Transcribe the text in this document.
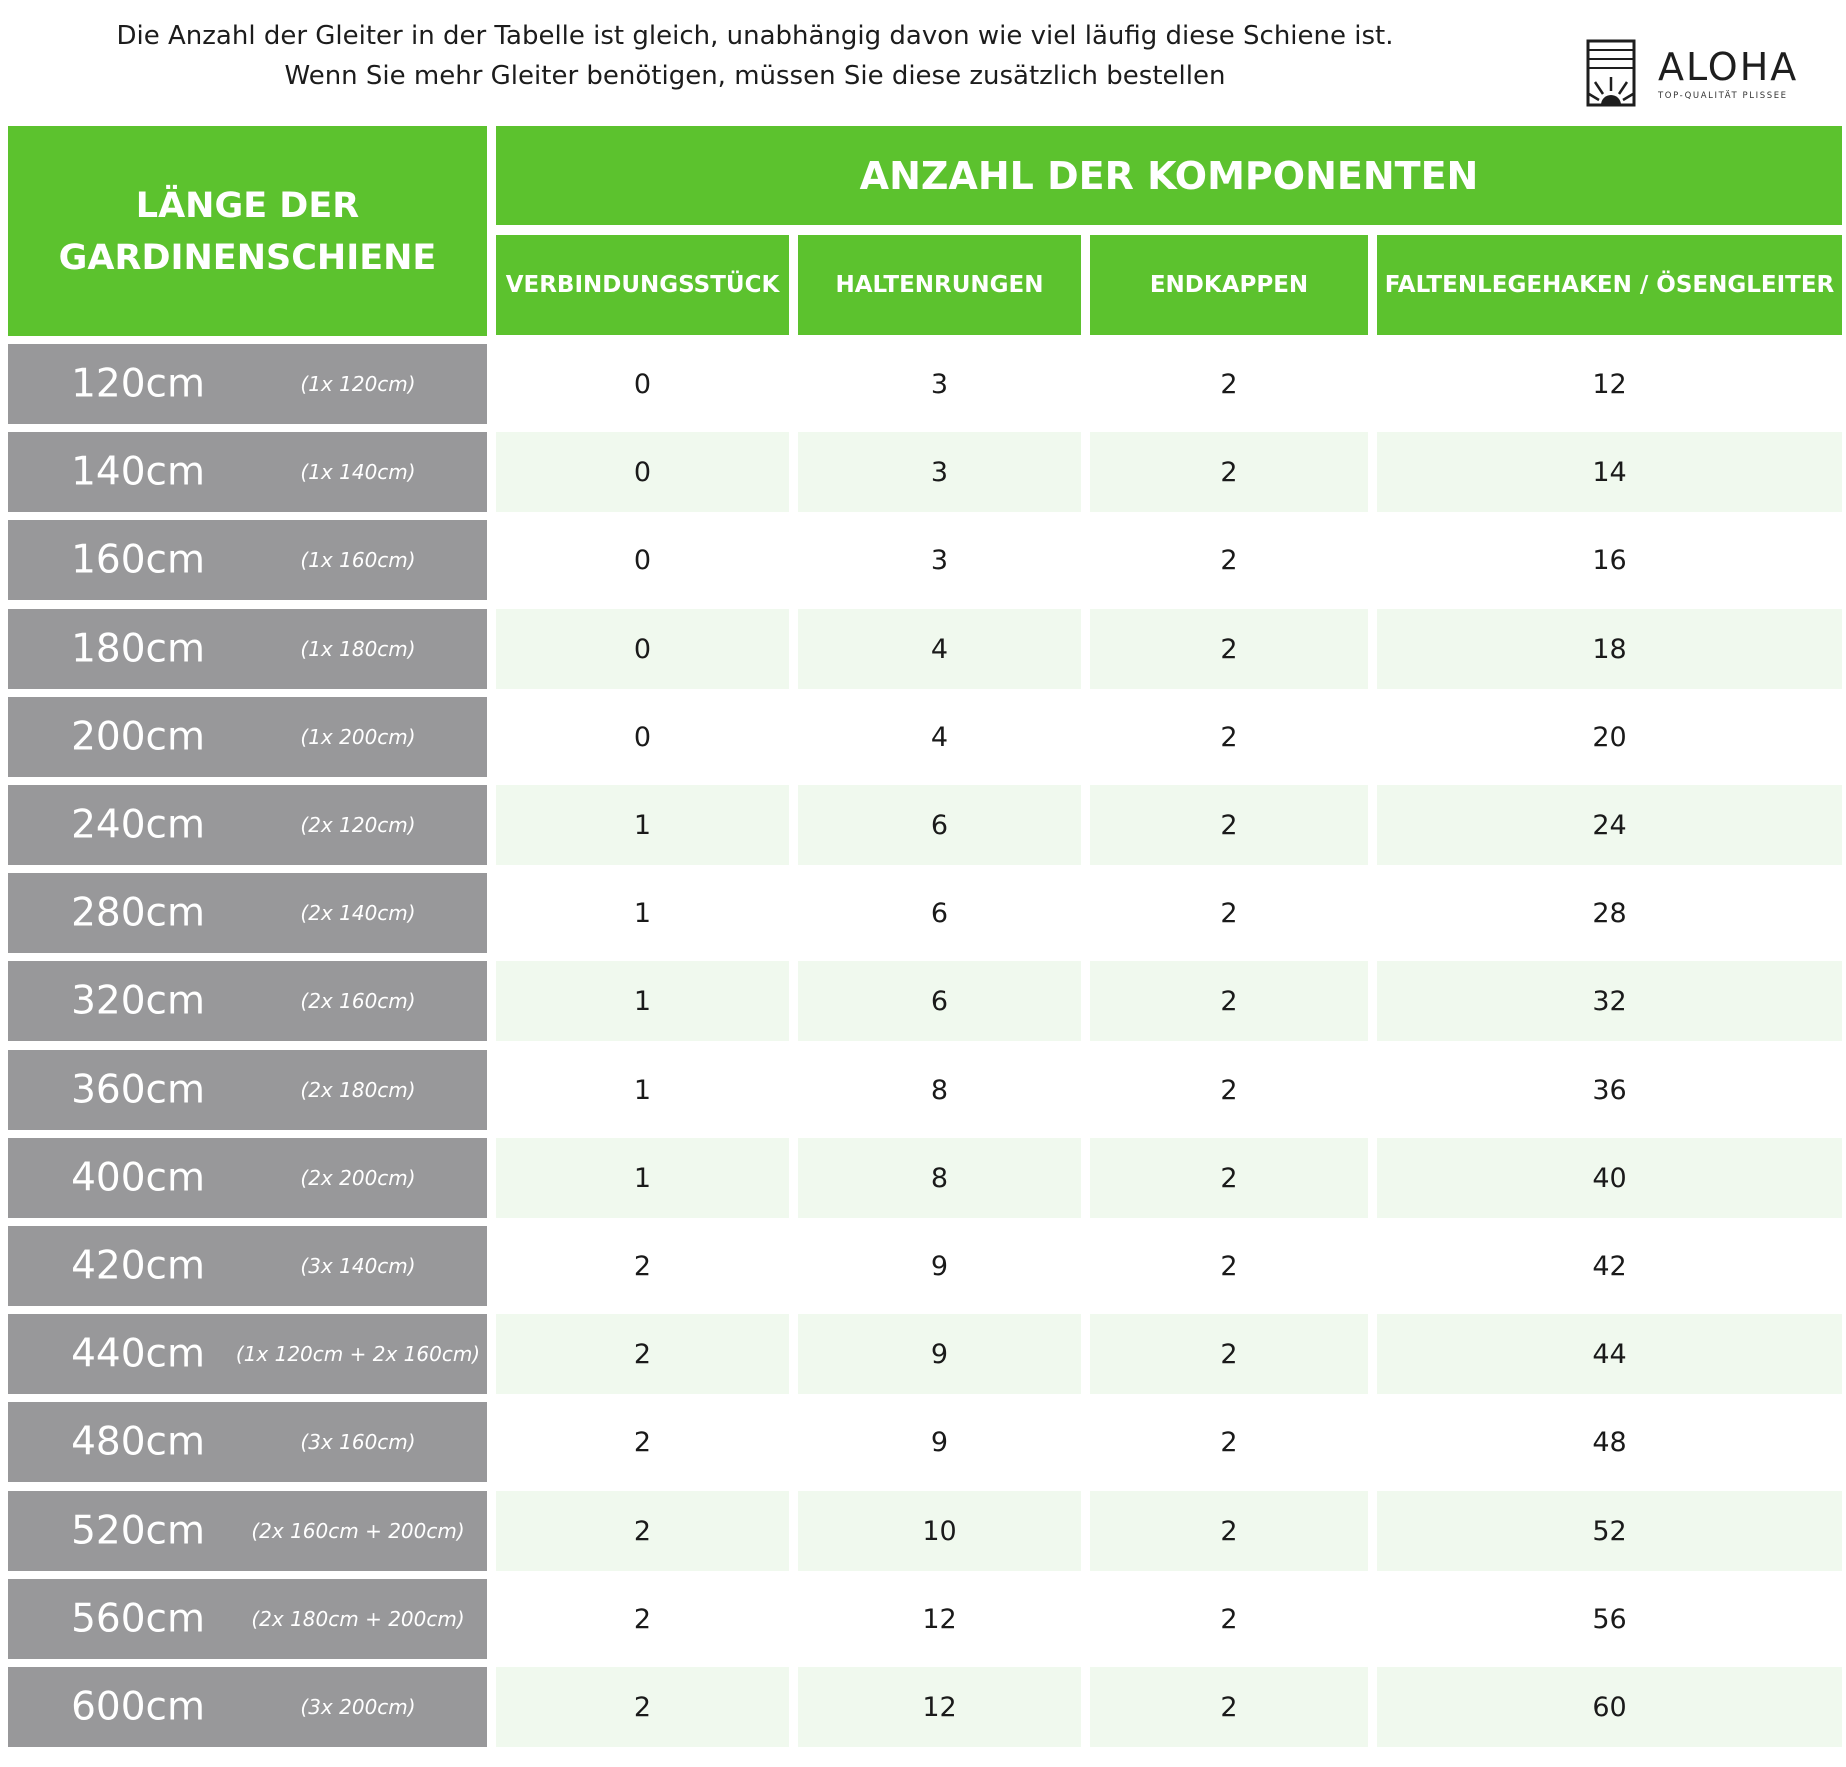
Die Anzahl der Gleiter in der Tabelle ist gleich, unabhängig davon wie viel läufig diese Schiene ist.
Wenn Sie mehr Gleiter benötigen, müssen Sie diese zusätzlich bestellen	ALOHA
TOP-QUALITÄT PLISSEE
LÄNGE DER
GARDINENSCHIENE
ANZAHL DER KOMPONENTEN
VERBINDUNGSSTÜCK	HALTENRUNGEN	ENDKAPPEN	FALTENLEGEHAKEN / ÖSENGLEITER
120cm	(1x 120cm)	0	3	2	12
140cm	(1x 140cm)	0	3	2	14
160cm	(1x 160cm)	0	3	2	16
180cm	(1x 180cm)	0	4	2	18
200cm	(1x 200cm)	0	4	2	20
240cm	(2x 120cm)	1	6	2	24
280cm	(2x 140cm)	1	6	2	28
320cm	(2x 160cm)	1	6	2	32
360cm	(2x 180cm)	1	8	2	36
400cm	(2x 200cm)	1	8	2	40
420cm	(3x 140cm)	2	9	2	42
440cm	(1x 120cm + 2x 160cm)	2	9	2	44
480cm	(3x 160cm)	2	9	2	48
520cm	(2x 160cm + 200cm)	2	10	2	52
560cm	(2x 180cm + 200cm)	2	12	2	56
600cm	(3x 200cm)	2	12	2	60
